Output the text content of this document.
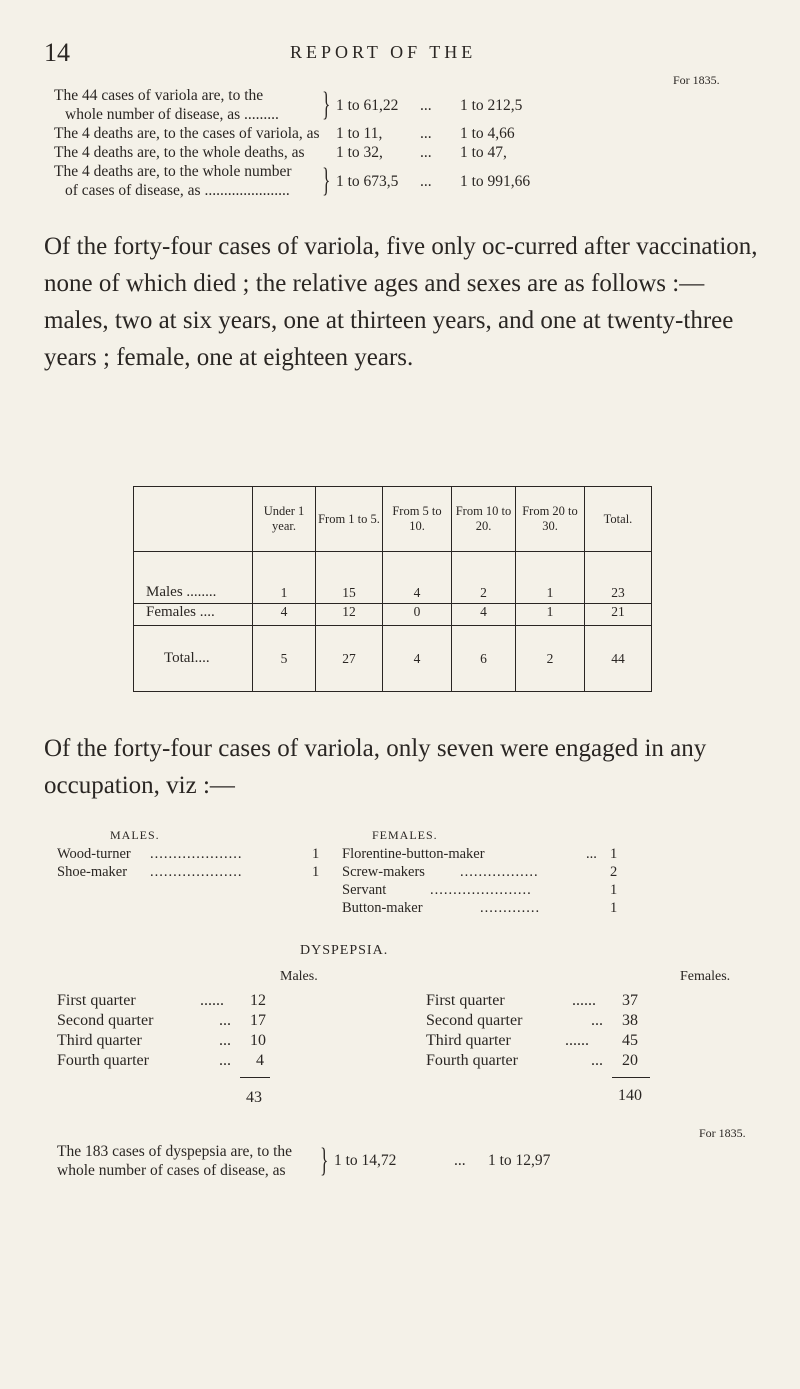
14	REPORT OF THE
For 1835.
The 44 cases of variola are, to the
whole number of disease, as ......... } 1 to 61,22 ... 1 to 212,5
The 4 deaths are, to the cases of variola, as 1 to 11, ... 1 to 4,66
The 4 deaths are, to the whole deaths, as 1 to 32, ... 1 to 47,
The 4 deaths are, to the whole number
of cases of disease, as ...................... } 1 to 673,5 ... 1 to 991,66
Of the forty-four cases of variola, five only oc-curred after vaccination, none of which died ; the relative ages and sexes are as follows :— males, two at six years, one at thirteen years, and one at twenty-three years ; female, one at eighteen years.
	Under 1 year.	From 1 to 5.	From 5 to 10.	From 10 to 20.	From 20 to 30.	Total.
Males ........	1	15	4	2	1	23
Females ....	4	12	0	4	1	21
Total....	5	27	4	6	2	44
Of the forty-four cases of variola, only seven were engaged in any occupation, viz :—
MALES.	FEMALES.
Wood-turner ....................	1
Shoe-maker ....................	1
Florentine-button-maker	... 1
Screw-makers .................	2
Servant	......................	1
Button-maker	.............	1
DYSPEPSIA.
Males.	Females.
First quarter	...... 12
Second quarter	... 17
Third quarter	... 10
Fourth quarter	... 4
43
First quarter	...... 37
Second quarter	... 38
Third quarter	...... 45
Fourth quarter	... 20
140
For 1835.
The 183 cases of dyspepsia are, to the
whole number of cases of disease, as } 1 to 14,72	... 1 to 12,97
